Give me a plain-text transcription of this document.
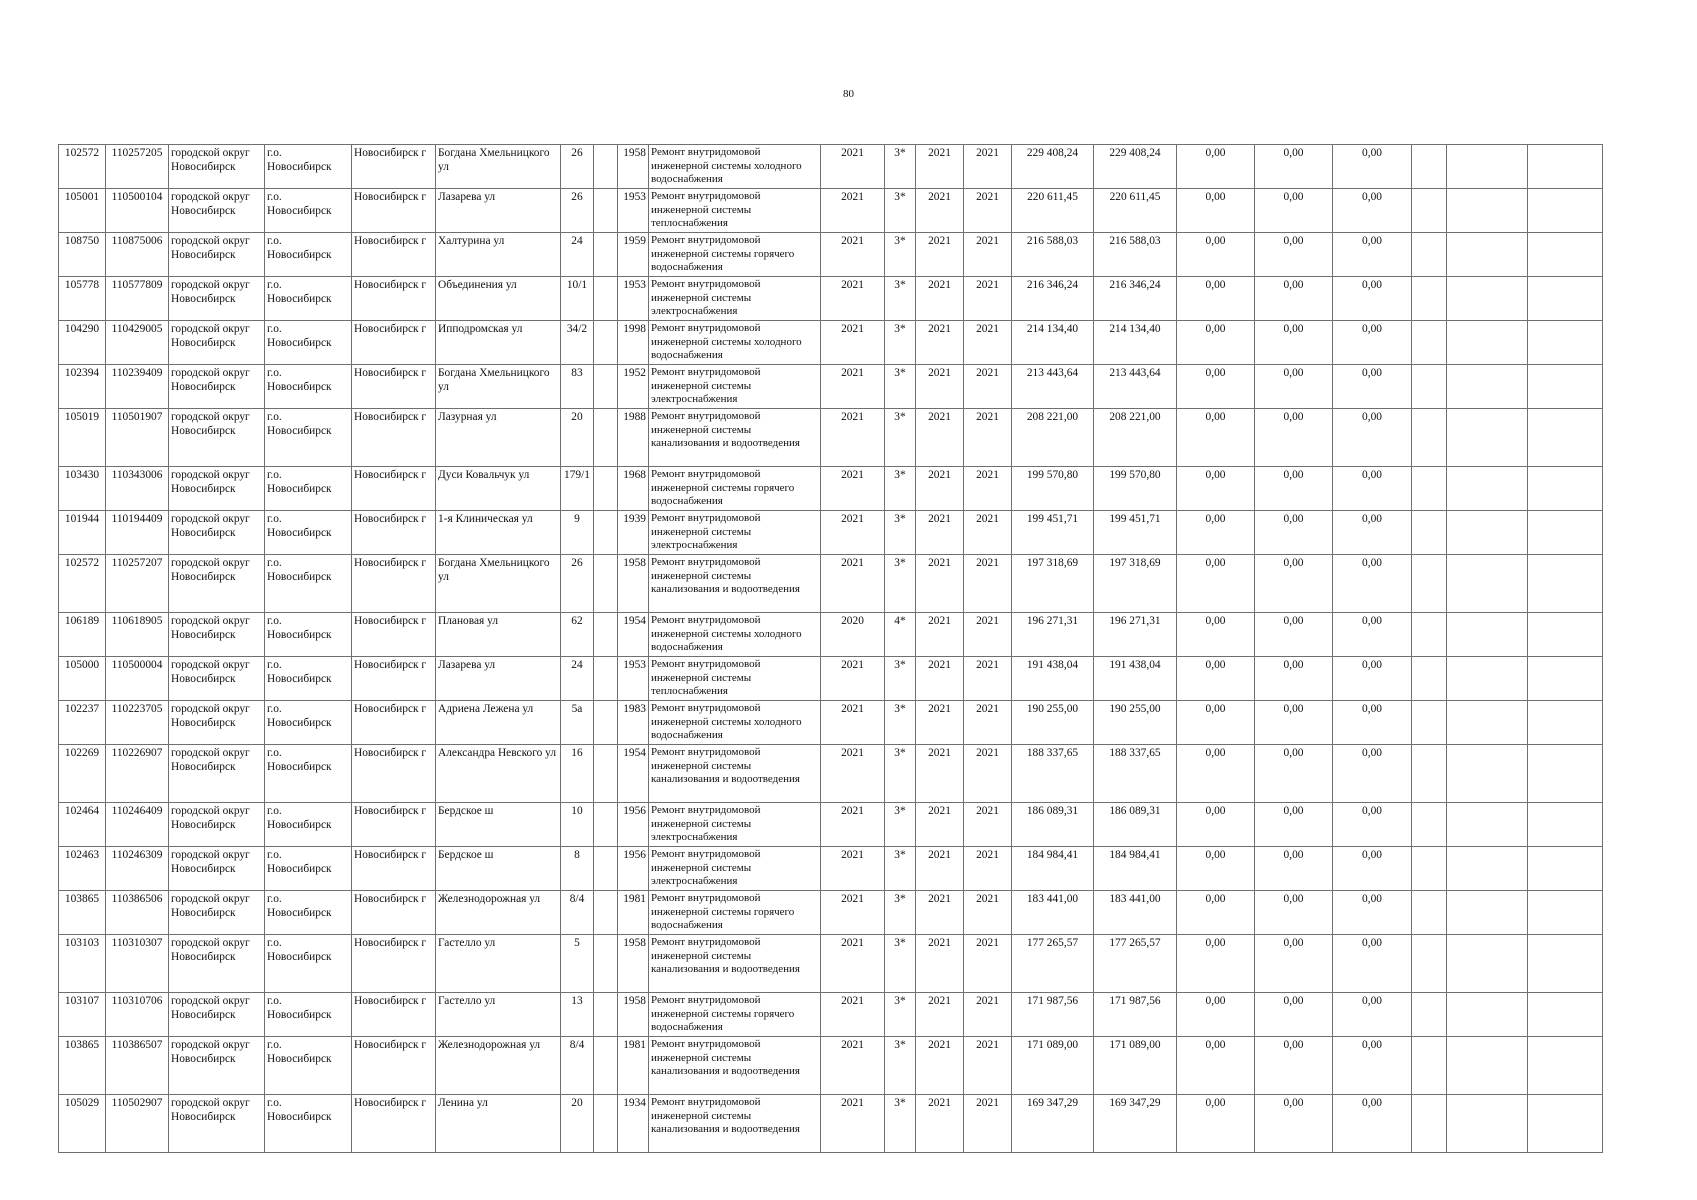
80
102572	110257205	городской округ Новосибирск	г.о. Новосибирск	Новосибирск г	Богдана Хмельницкого ул	26		1958	Ремонт внутридомовой инженерной системы холодного водоснабжения	2021	3*	2021	2021	229 408,24	229 408,24	0,00	0,00	0,00			
105001	110500104	городской округ Новосибирск	г.о. Новосибирск	Новосибирск г	Лазарева ул	26		1953	Ремонт внутридомовой инженерной системы теплоснабжения	2021	3*	2021	2021	220 611,45	220 611,45	0,00	0,00	0,00			
108750	110875006	городской округ Новосибирск	г.о. Новосибирск	Новосибирск г	Халтурина ул	24		1959	Ремонт внутридомовой инженерной системы горячего водоснабжения	2021	3*	2021	2021	216 588,03	216 588,03	0,00	0,00	0,00			
105778	110577809	городской округ Новосибирск	г.о. Новосибирск	Новосибирск г	Объединения ул	10/1		1953	Ремонт внутридомовой инженерной системы электроснабжения	2021	3*	2021	2021	216 346,24	216 346,24	0,00	0,00	0,00			
104290	110429005	городской округ Новосибирск	г.о. Новосибирск	Новосибирск г	Ипподромская ул	34/2		1998	Ремонт внутридомовой инженерной системы холодного водоснабжения	2021	3*	2021	2021	214 134,40	214 134,40	0,00	0,00	0,00			
102394	110239409	городской округ Новосибирск	г.о. Новосибирск	Новосибирск г	Богдана Хмельницкого ул	83		1952	Ремонт внутридомовой инженерной системы электроснабжения	2021	3*	2021	2021	213 443,64	213 443,64	0,00	0,00	0,00			
105019	110501907	городской округ Новосибирск	г.о. Новосибирск	Новосибирск г	Лазурная ул	20		1988	Ремонт внутридомовой инженерной системы канализования и водоотведения	2021	3*	2021	2021	208 221,00	208 221,00	0,00	0,00	0,00			
103430	110343006	городской округ Новосибирск	г.о. Новосибирск	Новосибирск г	Дуси Ковальчук ул	179/1		1968	Ремонт внутридомовой инженерной системы горячего водоснабжения	2021	3*	2021	2021	199 570,80	199 570,80	0,00	0,00	0,00			
101944	110194409	городской округ Новосибирск	г.о. Новосибирск	Новосибирск г	1-я Клиническая ул	9		1939	Ремонт внутридомовой инженерной системы электроснабжения	2021	3*	2021	2021	199 451,71	199 451,71	0,00	0,00	0,00			
102572	110257207	городской округ Новосибирск	г.о. Новосибирск	Новосибирск г	Богдана Хмельницкого ул	26		1958	Ремонт внутридомовой инженерной системы канализования и водоотведения	2021	3*	2021	2021	197 318,69	197 318,69	0,00	0,00	0,00			
106189	110618905	городской округ Новосибирск	г.о. Новосибирск	Новосибирск г	Плановая ул	62		1954	Ремонт внутридомовой инженерной системы холодного водоснабжения	2020	4*	2021	2021	196 271,31	196 271,31	0,00	0,00	0,00			
105000	110500004	городской округ Новосибирск	г.о. Новосибирск	Новосибирск г	Лазарева ул	24		1953	Ремонт внутридомовой инженерной системы теплоснабжения	2021	3*	2021	2021	191 438,04	191 438,04	0,00	0,00	0,00			
102237	110223705	городской округ Новосибирск	г.о. Новосибирск	Новосибирск г	Адриена Лежена ул	5а		1983	Ремонт внутридомовой инженерной системы холодного водоснабжения	2021	3*	2021	2021	190 255,00	190 255,00	0,00	0,00	0,00			
102269	110226907	городской округ Новосибирск	г.о. Новосибирск	Новосибирск г	Александра Невского ул	16		1954	Ремонт внутридомовой инженерной системы канализования и водоотведения	2021	3*	2021	2021	188 337,65	188 337,65	0,00	0,00	0,00			
102464	110246409	городской округ Новосибирск	г.о. Новосибирск	Новосибирск г	Бердское ш	10		1956	Ремонт внутридомовой инженерной системы электроснабжения	2021	3*	2021	2021	186 089,31	186 089,31	0,00	0,00	0,00			
102463	110246309	городской округ Новосибирск	г.о. Новосибирск	Новосибирск г	Бердское ш	8		1956	Ремонт внутридомовой инженерной системы электроснабжения	2021	3*	2021	2021	184 984,41	184 984,41	0,00	0,00	0,00			
103865	110386506	городской округ Новосибирск	г.о. Новосибирск	Новосибирск г	Железнодорожная ул	8/4		1981	Ремонт внутридомовой инженерной системы горячего водоснабжения	2021	3*	2021	2021	183 441,00	183 441,00	0,00	0,00	0,00			
103103	110310307	городской округ Новосибирск	г.о. Новосибирск	Новосибирск г	Гастелло ул	5		1958	Ремонт внутридомовой инженерной системы канализования и водоотведения	2021	3*	2021	2021	177 265,57	177 265,57	0,00	0,00	0,00			
103107	110310706	городской округ Новосибирск	г.о. Новосибирск	Новосибирск г	Гастелло ул	13		1958	Ремонт внутридомовой инженерной системы горячего водоснабжения	2021	3*	2021	2021	171 987,56	171 987,56	0,00	0,00	0,00			
103865	110386507	городской округ Новосибирск	г.о. Новосибирск	Новосибирск г	Железнодорожная ул	8/4		1981	Ремонт внутридомовой инженерной системы канализования и водоотведения	2021	3*	2021	2021	171 089,00	171 089,00	0,00	0,00	0,00			
105029	110502907	городской округ Новосибирск	г.о. Новосибирск	Новосибирск г	Ленина ул	20		1934	Ремонт внутридомовой инженерной системы канализования и водоотведения	2021	3*	2021	2021	169 347,29	169 347,29	0,00	0,00	0,00			
